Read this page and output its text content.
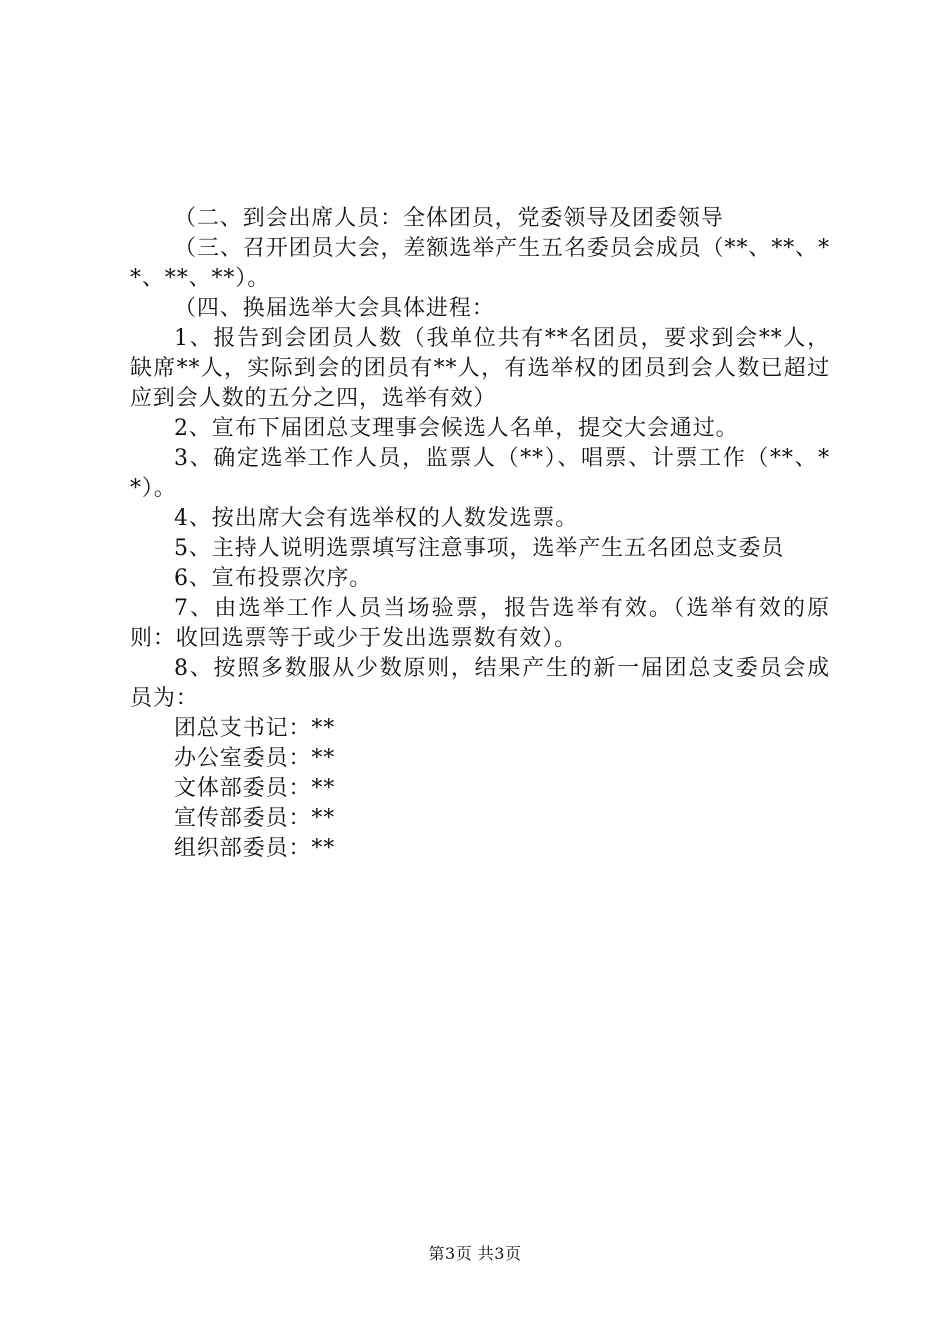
（二、到会出席人员：全体团员，党委领导及团委领导

（三、召开团员大会，差额选举产生五名委员会成员（**、**、**、**、**）。

（四、换届选举大会具体进程：

1、报告到会团员人数（我单位共有**名团员，要求到会**人，缺席**人，实际到会的团员有**人，有选举权的团员到会人数已超过应到会人数的五分之四，选举有效）

2、宣布下届团总支理事会候选人名单，提交大会通过。

3、确定选举工作人员，监票人（**）、唱票、计票工作（**、**）。

4、按出席大会有选举权的人数发选票。

5、主持人说明选票填写注意事项，选举产生五名团总支委员

6、宣布投票次序。

7、由选举工作人员当场验票，报告选举有效。（选举有效的原则：收回选票等于或少于发出选票数有效）。

8、按照多数服从少数原则，结果产生的新一届团总支委员会成员为：

团总支书记：**

办公室委员：**

文体部委员：**

宣传部委员：**

组织部委员：**

第3页 共3页
